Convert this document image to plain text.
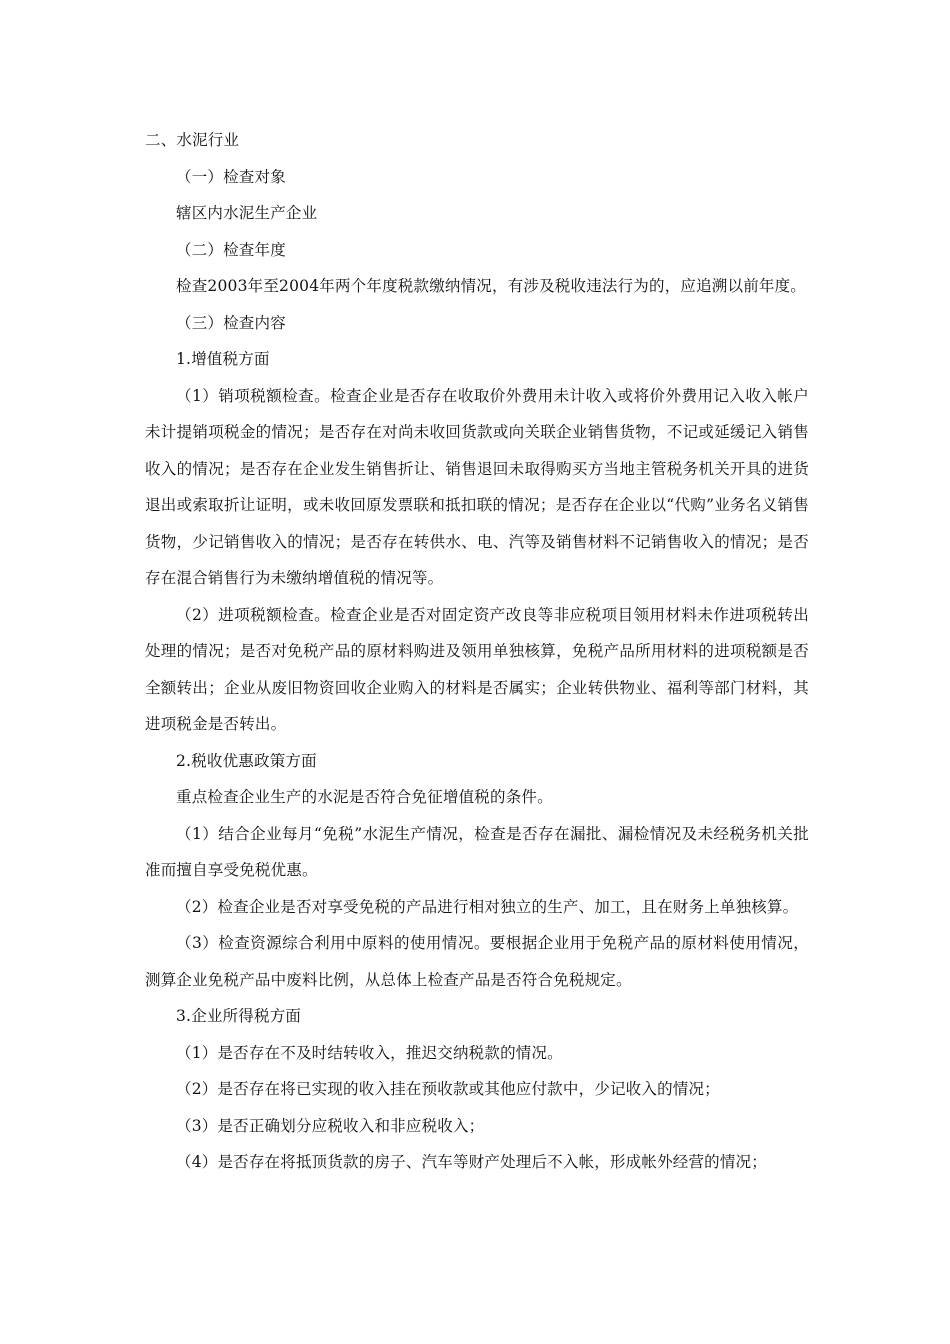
二、水泥行业

（一）检查对象

辖区内水泥生产企业

（二）检查年度

检查2003年至2004年两个年度税款缴纳情况，有涉及税收违法行为的，应追溯以前年度。

（三）检查内容

1.增值税方面

（1）销项税额检查。检查企业是否存在收取价外费用未计收入或将价外费用记入收入帐户未计提销项税金的情况；是否存在对尚未收回货款或向关联企业销售货物，不记或延缓记入销售收入的情况；是否存在企业发生销售折让、销售退回未取得购买方当地主管税务机关开具的进货退出或索取折让证明，或未收回原发票联和抵扣联的情况；是否存在企业以“代购”业务名义销售货物，少记销售收入的情况；是否存在转供水、电、汽等及销售材料不记销售收入的情况；是否存在混合销售行为未缴纳增值税的情况等。

（2）进项税额检查。检查企业是否对固定资产改良等非应税项目领用材料未作进项税转出处理的情况；是否对免税产品的原材料购进及领用单独核算，免税产品所用材料的进项税额是否全额转出；企业从废旧物资回收企业购入的材料是否属实；企业转供物业、福利等部门材料，其进项税金是否转出。

2.税收优惠政策方面

重点检查企业生产的水泥是否符合免征增值税的条件。

（1）结合企业每月“免税”水泥生产情况，检查是否存在漏批、漏检情况及未经税务机关批准而擅自享受免税优惠。

（2）检查企业是否对享受免税的产品进行相对独立的生产、加工，且在财务上单独核算。

（3）检查资源综合利用中原料的使用情况。要根据企业用于免税产品的原材料使用情况，测算企业免税产品中废料比例，从总体上检查产品是否符合免税规定。

3.企业所得税方面

（1）是否存在不及时结转收入，推迟交纳税款的情况。

（2）是否存在将已实现的收入挂在预收款或其他应付款中，少记收入的情况；

（3）是否正确划分应税收入和非应税收入；

（4）是否存在将抵顶货款的房子、汽车等财产处理后不入帐，形成帐外经营的情况；
